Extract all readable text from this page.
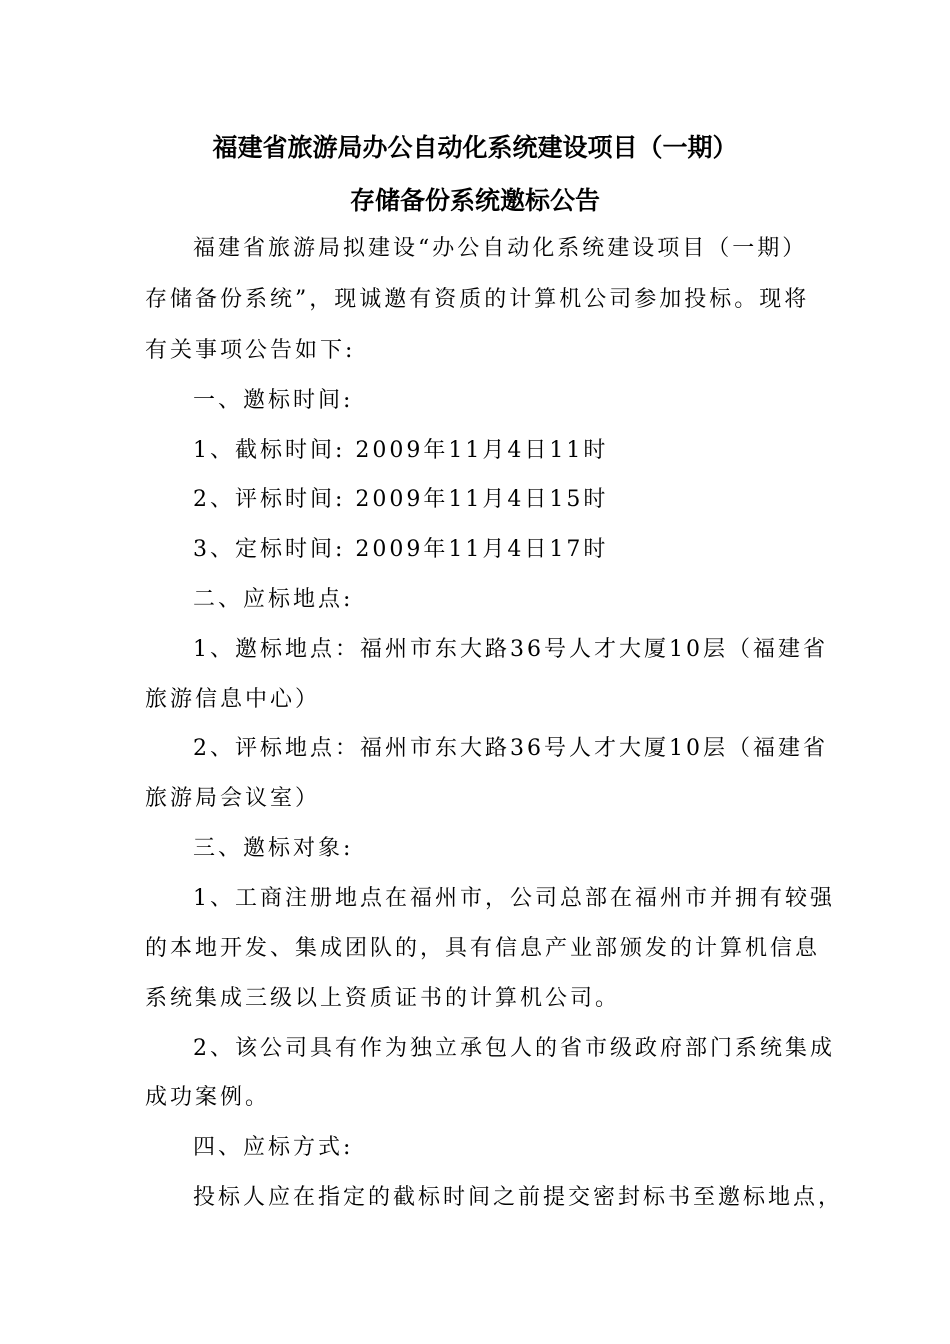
福建省旅游局办公自动化系统建设项目（一期）
存储备份系统邀标公告
福建省旅游局拟建设“办公自动化系统建设项目（一期）
存储备份系统”，现诚邀有资质的计算机公司参加投标。现将
有关事项公告如下:
一、邀标时间:
1、截标时间: 2009年11月4日11时
2、评标时间: 2009年11月4日15时
3、定标时间: 2009年11月4日17时
二、应标地点:
1、邀标地点：福州市东大路36号人才大厦10层（福建省
旅游信息中心）
2、评标地点：福州市东大路36号人才大厦10层（福建省
旅游局会议室）
三、邀标对象:
1、工商注册地点在福州市，公司总部在福州市并拥有较强
的本地开发、集成团队的，具有信息产业部颁发的计算机信息
系统集成三级以上资质证书的计算机公司。
2、该公司具有作为独立承包人的省市级政府部门系统集成
成功案例。
四、应标方式:
投标人应在指定的截标时间之前提交密封标书至邀标地点，
